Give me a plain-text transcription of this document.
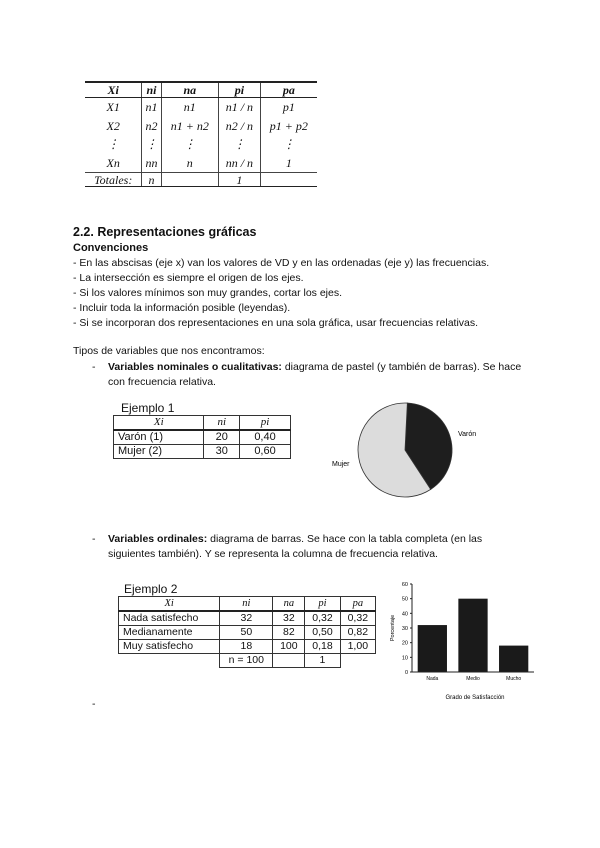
Xi	ni	na	pi	pa
X1	n1	n1	n1 / n	p1
X2	n2	n1 + n2	n2 / n	p1 + p2
⋮	⋮	⋮	⋮	⋮
Xn	nn	n	nn / n	1
Totales:	n		1	
2.2. Representaciones gráficas
Convenciones
- En las abscisas (eje x) van los valores de VD y en las ordenadas (eje y) las frecuencias.
- La intersección es siempre el origen de los ejes.
- Si los valores mínimos son muy grandes, cortar los ejes.
- Incluir toda la información posible (leyendas).
- Si se incorporan dos representaciones en una sola gráfica, usar frecuencias relativas.
Tipos de variables que nos encontramos:
- Variables nominales o cualitativas: diagrama de pastel (y también de barras). Se hace con frecuencia relativa.
Ejemplo 1
Xi	ni	pi
Varón (1)	20	0,40
Mujer (2)	30	0,60
Varón
Mujer
- Variables ordinales: diagrama de barras. Se hace con la tabla completa (en las siguientes también). Y se representa la columna de frecuencia relativa.
Ejemplo 2
Xi	ni	na	pi	pa
Nada satisfecho	32	32	0,32	0,32
Medianamente	50	82	0,50	0,82
Muy satisfecho	18	100	0,18	1,00
	n = 100		1	
0
10
20
30
40
50
60
Nada	Medio	Mucho
Porcentaje
Grado de Satisfacción
-
